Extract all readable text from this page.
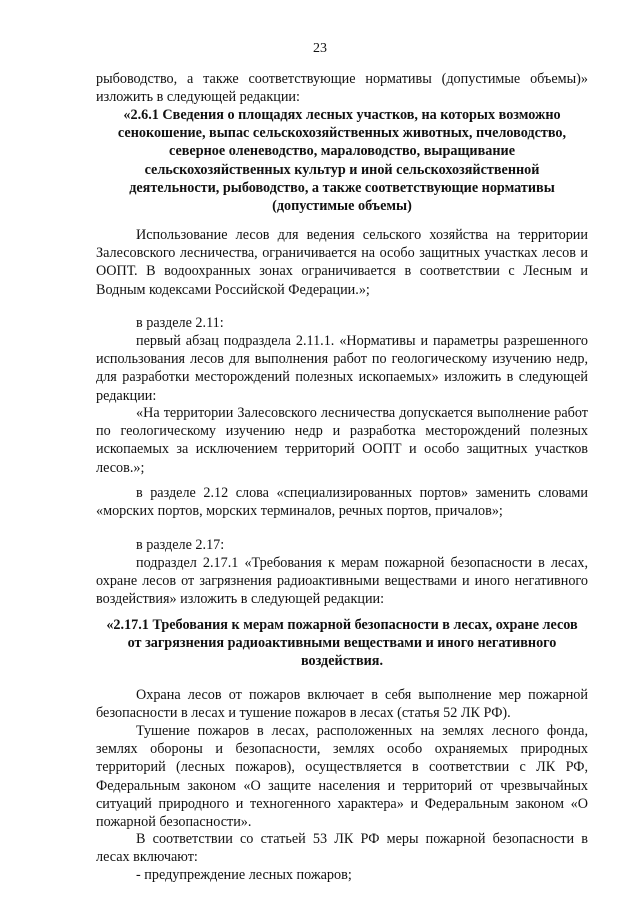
23

рыбоводство, а также соответствующие нормативы (допустимые объемы)»
изложить в следующей редакции:

«2.6.1 Сведения о площадях лесных участков, на которых возможно
сенокошение, выпас сельскохозяйственных животных, пчеловодство,
северное оленеводство, мараловодство, выращивание
сельскохозяйственных культур и иной сельскохозяйственной
деятельности, рыбоводство, а также соответствующие нормативы
(допустимые объемы)

Использование лесов для ведения сельского хозяйства на территории Залесовского лесничества, ограничивается на особо защитных участках лесов и ООПТ. В водоохранных зонах ограничивается в соответствии с Лесным и Водным кодексами Российской Федерации.»;

в разделе 2.11:

первый абзац подраздела 2.11.1. «Нормативы и параметры разрешенного использования лесов для выполнения работ по геологическому изучению недр, для разработки месторождений полезных ископаемых» изложить в следующей редакции:

«На территории Залесовского лесничества допускается выполнение работ по геологическому изучению недр и разработка месторождений полезных ископаемых за исключением территорий ООПТ и особо защитных участков лесов.»;

в разделе 2.12 слова «специализированных портов» заменить словами «морских портов, морских терминалов, речных портов, причалов»;

в разделе 2.17:

подраздел 2.17.1 «Требования к мерам пожарной безопасности в лесах, охране лесов от загрязнения радиоактивными веществами и иного негативного воздействия» изложить в следующей редакции:

«2.17.1 Требования к мерам пожарной безопасности в лесах, охране лесов
от загрязнения радиоактивными веществами и иного негативного
воздействия.

Охрана лесов от пожаров включает в себя выполнение мер пожарной безопасности в лесах и тушение пожаров в лесах (статья 52 ЛК РФ).

Тушение пожаров в лесах, расположенных на землях лесного фонда, землях обороны и безопасности, землях особо охраняемых природных территорий (лесных пожаров), осуществляется в соответствии с ЛК РФ, Федеральным законом «О защите населения и территорий от чрезвычайных ситуаций природного и техногенного характера» и Федеральным законом «О пожарной безопасности».

В соответствии со статьей 53 ЛК РФ меры пожарной безопасности в лесах включают:

- предупреждение лесных пожаров;
